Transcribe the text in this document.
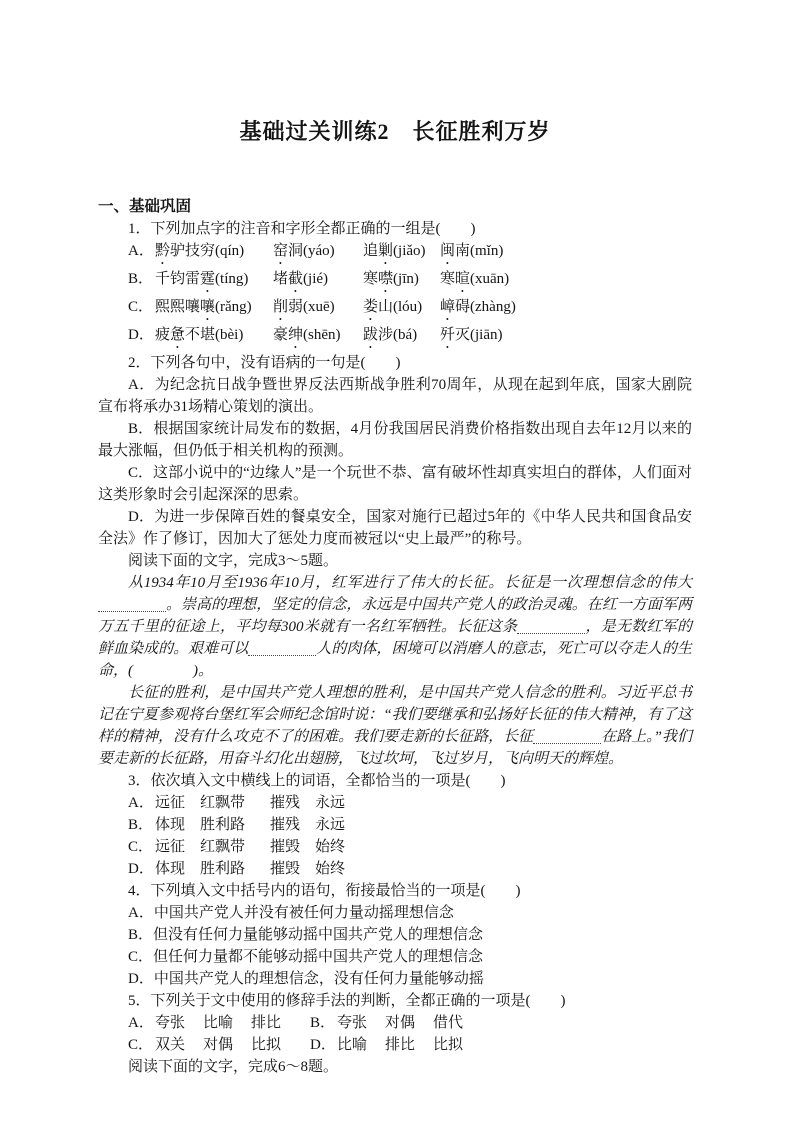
基础过关训练2　长征胜利万岁

一、基础巩固

1．下列加点字的注音和字形全都正确的一组是(　　)

A． 黔驴技穷(qín)	窑洞(yáo)	追剿(jiǎo) 闽南(mǐn)
B． 千钧雷霆(tíng)	堵截(jié)	寒噤(jīn)	寒暄(xuān)
C． 熙熙嚷嚷(rǎng)	削弱(xuē)	娄山(lóu)	嶂碍(zhàng)
D． 疲惫不堪(bèi)	豪绅(shēn)	跋涉(bá)	歼灭(jiān)

2．下列各句中，没有语病的一句是(　　)

A．为纪念抗日战争暨世界反法西斯战争胜利70周年，从现在起到年底，国家大剧院宣布将承办31场精心策划的演出。

B．根据国家统计局发布的数据，4月份我国居民消费价格指数出现自去年12月以来的最大涨幅，但仍低于相关机构的预测。

C．这部小说中的“边缘人”是一个玩世不恭、富有破坏性却真实坦白的群体，人们面对这类形象时会引起深深的思索。

D．为进一步保障百姓的餐桌安全，国家对施行已超过5年的《中华人民共和国食品安全法》作了修订，因加大了惩处力度而被冠以“史上最严”的称号。

阅读下面的文字，完成3～5题。

从1934年10月至1936年10月，红军进行了伟大的长征。长征是一次理想信念的伟大。崇高的理想，坚定的信念，永远是中国共产党人的政治灵魂。在红一方面军两万五千里的征途上，平均每300米就有一名红军牺牲。长征这条	，是无数红军的鲜血染成的。艰难可以	人的肉体，困境可以消磨人的意志，死亡可以夺走人的生命，(　　　　)。

长征的胜利，是中国共产党人理想的胜利，是中国共产党人信念的胜利。习近平总书记在宁夏参观将台堡红军会师纪念馆时说：“我们要继承和弘扬好长征的伟大精神，有了这样的精神，没有什么攻克不了的困难。我们要走新的长征路，长征	在路上。”我们要走新的长征路，用奋斗幻化出翅膀，飞过坎坷，飞过岁月，飞向明天的辉煌。

3．依次填入文中横线上的词语，全都恰当的一项是(　　)

A． 远征 红飘带	摧残 永远
B． 体现 胜利路	摧残 永远
C． 远征 红飘带	摧毁 始终
D． 体现 胜利路	摧毁 始终

4．下列填入文中括号内的语句，衔接最恰当的一项是(　　)

A．中国共产党人并没有被任何力量动摇理想信念

B．但没有任何力量能够动摇中国共产党人的理想信念

C．但任何力量都不能够动摇中国共产党人的理想信念

D．中国共产党人的理想信念，没有任何力量能够动摇

5．下列关于文中使用的修辞手法的判断，全都正确的一项是(　　)

A． 夸张	比喻	排比 B． 夸张	对偶	借代
C． 双关	对偶	比拟 D． 比喻	排比	比拟

阅读下面的文字，完成6～8题。
